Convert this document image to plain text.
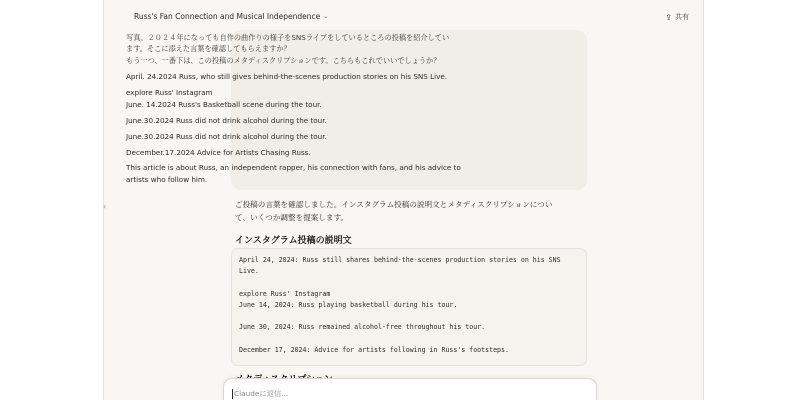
Russ's Fan Connection and Musical Independence ⌄	⇪ 共有
写真、２０２４年になっても自作の曲作りの様子をSNSライブをしているところの投稿を紹介してい
ます。そこに添えた言葉を確認してもらえますか？
もう一つ、一番下は、この投稿のメタディスクリプションです。こちらもこれでいいでしょうか？
April. 24.2024 Russ, who still gives behind-the-scenes production stories on his SNS Live.
explore Russ' Instagram
June. 14.2024 Russ's Basketball scene during the tour.
June.30.2024 Russ did not drink alcohol during the tour.
June.30.2024 Russ did not drink alcohol during the tour.
December.17.2024 Advice for Artists Chasing Russ.
This article is about Russ, an independent rapper, his connection with fans, and his advice to
artists who follow him.
ご投稿の言葉を確認しました。インスタグラム投稿の説明文とメタディスクリプションについ
て、いくつか調整を提案します。
インスタグラム投稿の説明文
April 24, 2024: Russ still shares behind-the-scenes production stories on his SNS
Live.
explore Russ' Instagram
June 14, 2024: Russ playing basketball during his tour.
June 30, 2024: Russ remained alcohol-free throughout his tour.
December 17, 2024: Advice for artists following in Russ's footsteps.
Claudeに返信...
‹
